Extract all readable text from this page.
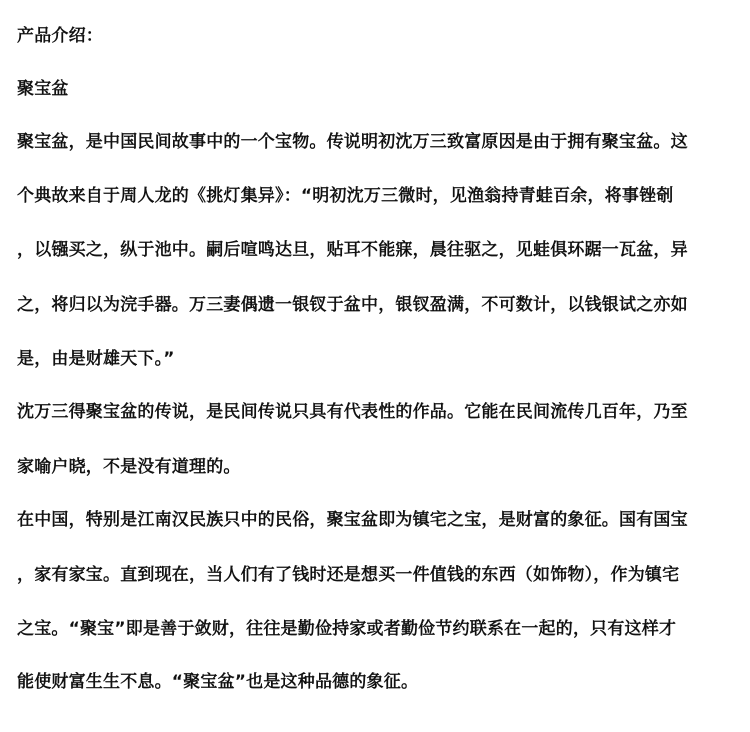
产品介绍：
聚宝盆
聚宝盆，是中国民间故事中的一个宝物。传说明初沈万三致富原因是由于拥有聚宝盆。这
个典故来自于周人龙的《挑灯集异》：“明初沈万三微时，见渔翁持青蛙百余，将事锉剞
，以镪买之，纵于池中。嗣后喧鸣达旦，贴耳不能寐，晨往驱之，见蛙俱环踞一瓦盆，异
之，将归以为浣手器。万三妻偶遗一银钗于盆中，银钗盈满，不可数计，以钱银试之亦如
是，由是财雄天下。”
沈万三得聚宝盆的传说，是民间传说只具有代表性的作品。它能在民间流传几百年，乃至
家喻户晓，不是没有道理的。
在中国，特别是江南汉民族只中的民俗，聚宝盆即为镇宅之宝，是财富的象征。国有国宝
，家有家宝。直到现在，当人们有了钱时还是想买一件值钱的东西（如饰物），作为镇宅
之宝。“聚宝”即是善于敛财，往往是勤俭持家或者勤俭节约联系在一起的，只有这样才
能使财富生生不息。“聚宝盆”也是这种品德的象征。
